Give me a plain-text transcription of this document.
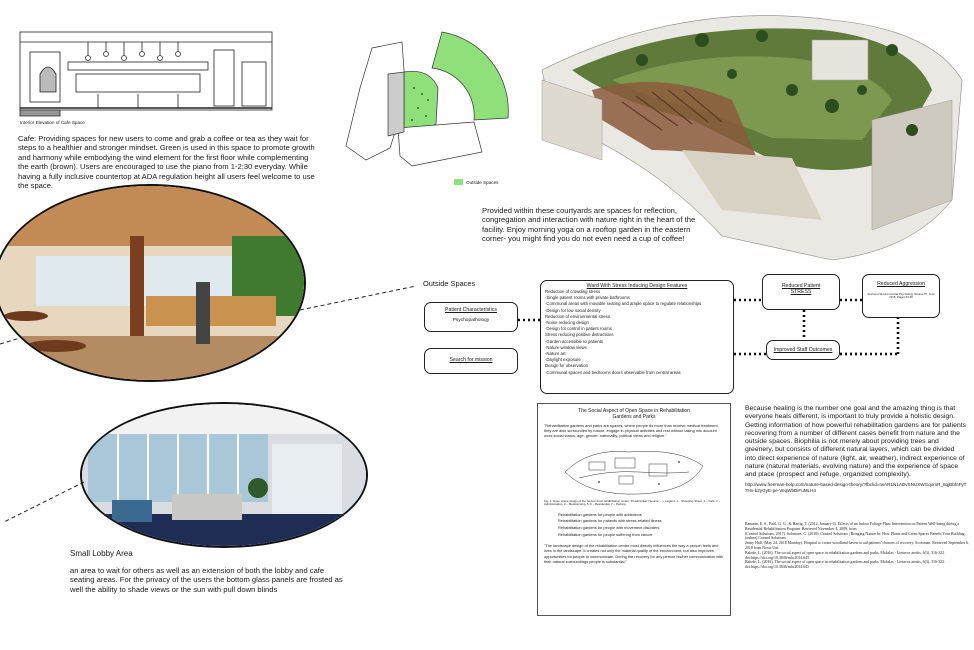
Interior Elevation of Cafe Space
Cafe: Providing spaces for new users to come and grab a coffee or tea as they wait for steps to a healthier and stronger mindset. Green is used in this space to promote growth and harmony while embodying the wind element for the first floor while complementing the earth (brown). Users are encouraged to use the piano from 1-2:30 everyday. While having a fully inclusive countertop at ADA regulation height all users feel welcome to use the space.	Outside Spaces
Provided within these courtyards are spaces for reflection, congregation and interaction with nature right in the heart of the facility. Enjoy morning yoga on a rooftop garden in the eastern corner- you might find you do not even need a cup of coffee!
Small Lobby Area
an area to wait for others as well as an extension of both the lobby and cafe seating areas. For the privacy of the users the bottom glass panels are frosted as well the ability to shade views or the sun with pull down blinds
Outside Spaces
Patient Characteristics
Psychopathology
Search for mission
Ward With Stress Inducing Design Features
Reduction of crowding stress
·Single patient rooms with private bathrooms
·Communal areas with movable seating and ample space to regulate relationships
·Design for low social density
Reduction of environmental stress
·Noise reducing design
·Design for control in patient rooms
Stress reducing positive distractions
·Garden accessible to patients
·Nature window views
·Nature art
·Daylight exposure
Design for observation
·Communal spaces and bedrooms doors observable from central areas
Reduced Patient STRESS
Reduced Aggression
Journal of Environmental Psychology Volume 57, June 2018, Pages 53-66
Improved Staff Outcomes

The Social Aspect of Open Space in Rehabilitation

Gardens and Parks

"Rehabilitation gardens and parks are spaces, where people do more than receive medical treatment, they are also surrounded by nature, engage in physical activities and rest without taking into account ones social status, age, gender, nationality, political views and religion."

Fig. 1. Open space design of the Soviet Union rehabilitation center "Druskininkai" (Source: ...). Legend: 1 – Shopping Street, 2 – Cafe, 3 – Administration, 4 – Medical wing, 5, 6 – Residential, 7 – Parking.

Rehabilitation gardens for people with addictions

Rehabilitation gardens for patients with stress-related illness

Rehabilitation gardens for people with movement disorders

Rehabilitation gardens for people suffering from cancer

"The landscape design of the rehabilitation center most directly influences the way a person feels and lives in the landscape. It creates not only the material quality of the environment, but also improves opportunities for people to communicate. During the recovery for any person his/her communication with their natural surroundings people is substantial."

Because healing is the number one goal and the amazing thing is that everyone heals different, is important to truly provide a holistic design. Getting information of how powerful rehabilitation gardens are for patients recovering from a number of different cases benefit from nature and the outside spaces. Biophilia is not merely about providing trees and greenery, but consists of different natural layers, which can be divided into direct experience of nature (light, air, weather), indirect experience of nature (natural materials, evolving nature) and the experience of space and place (prospect and refuge, organized complexity).
http://www.freeman-help.com/nature-based-design-theory/?fbclid=IwAR1N1ADvXNUXWGqomR_8qjBbfnFyT7Hv-b2yGyE-pe-VeqWbDiFuMLH4
Ramaan, E. S., Patil, G. G., & Hartig, T. (2012, January 6). Effects of an Indoor Foliage Plant Intervention on Patient Well-being during a Residential Rehabilitation Program. Retrieved November 4, 2009, from
(Control Solutions, 2017). Solutions. C. (2018). Control Solutions | Bringing Nature In: How Plants and Green Spaces Benefit Your Building. (online) Control Solutions.
Jenny Hall. (May 24, 2018 Monday). Hospital to create woodland haven to aid patients' chances of recovery. Scotsman. Retrieved September 6, 2018 from Nexis Uni.
Balode, L. (2016). The social aspect of open space in rehabilitation gardens and parks. Mokslas - Lietuvos ateitis, 6(3), 316-322. doi:https://doi.org/10.3846/mla.2014.645
Balode, L. (2016). The social aspect of open space in rehabilitation gardens and parks. Mokslas - Lietuvos ateitis, 6(3), 316-322. doi:https://doi.org/10.3846/mla.2014.645
